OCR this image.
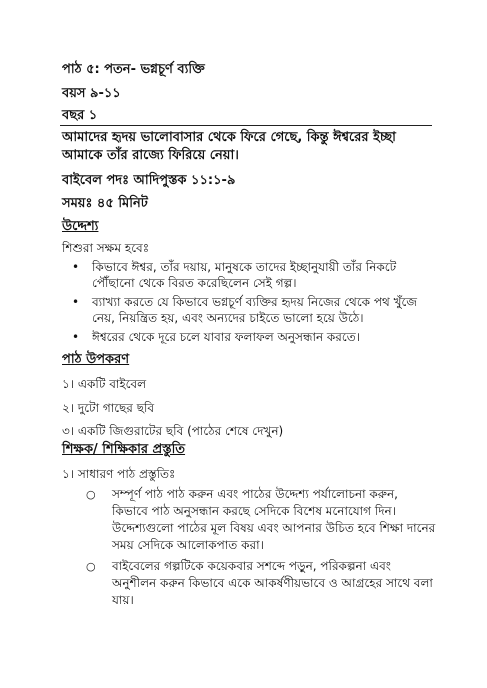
পাঠ ৫: পতন- ভগ্নচূর্ণ ব্যক্তি
বয়স ৯-১১
বছর ১
আমাদের হৃদয় ভালোবাসার থেকে ফিরে গেছে, কিন্তু ঈশ্বরের ইচ্ছা আমাকে তাঁর রাজ্যে ফিরিয়ে নেয়া।
বাইবেল পদঃ আদিপুস্তক ১১:১-৯
সময়ঃ ৪৫ মিনিট
উদ্দেশ্য
শিশুরা সক্ষম হবেঃ
• কিভাবে ঈশ্বর, তাঁর দয়ায়, মানুষকে তাদের ইচ্ছানুযায়ী তাঁর নিকটে পৌঁছানো থেকে বিরত করেছিলেন সেই গল্প।
• ব্যাখ্যা করতে যে কিভাবে ভগ্নচূর্ণ ব্যক্তির হৃদয় নিজের থেকে পথ খুঁজে নেয়, নিয়ন্ত্রিত হয়, এবং অন্যদের চাইতে ভালো হয়ে উঠে।
• ঈশ্বরের থেকে দূরে চলে যাবার ফলাফল অনুসন্ধান করতে।
পাঠ উপকরণ
১। একটি বাইবেল
২। দুটো গাছের ছবি
৩। একটি জিগুরাটের ছবি (পাঠের শেষে দেখুন)
শিক্ষক/ শিক্ষিকার প্রস্তুতি
১। সাধারণ পাঠ প্রস্তুতিঃ
○ সম্পূর্ণ পাঠ পাঠ করুন এবং পাঠের উদ্দেশ্য পর্যালোচনা করুন, কিভাবে পাঠ অনুসন্ধান করছে সেদিকে বিশেষ মনোযোগ দিন। উদ্দেশ্যগুলো পাঠের মূল বিষয় এবং আপনার উচিত হবে শিক্ষা দানের সময় সেদিকে আলোকপাত করা।
○ বাইবেলের গল্পটিকে কয়েকবার সশব্দে পড়ুন, পরিকল্পনা এবং অনুশীলন করুন কিভাবে একে আকর্ষণীয়ভাবে ও আগ্রহের সাথে বলা যায়।
